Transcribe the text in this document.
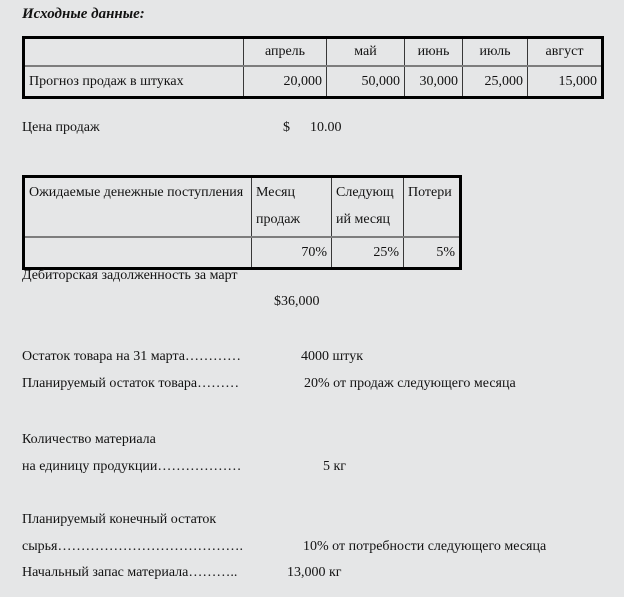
Исходные данные:
	апрель	май	июнь	июль	август
Прогноз продаж в штуках	20,000	50,000	30,000	25,000	15,000
Цена продаж	$ 10.00
Ожидаемые денежные поступления	Месяц продаж	Следующий месяц	Потери
	70%	25%	5%
Дебиторская задолженность за март
$36,000
Остаток товара на 31 марта…………	4000 штук
Планируемый остаток товара………	20% от продаж следующего месяца
Количество материала
на единицу продукции………………	5 кг
Планируемый конечный остаток
сырья………………………………….	10% от потребности следующего месяца
Начальный запас материала………..	13,000 кг
